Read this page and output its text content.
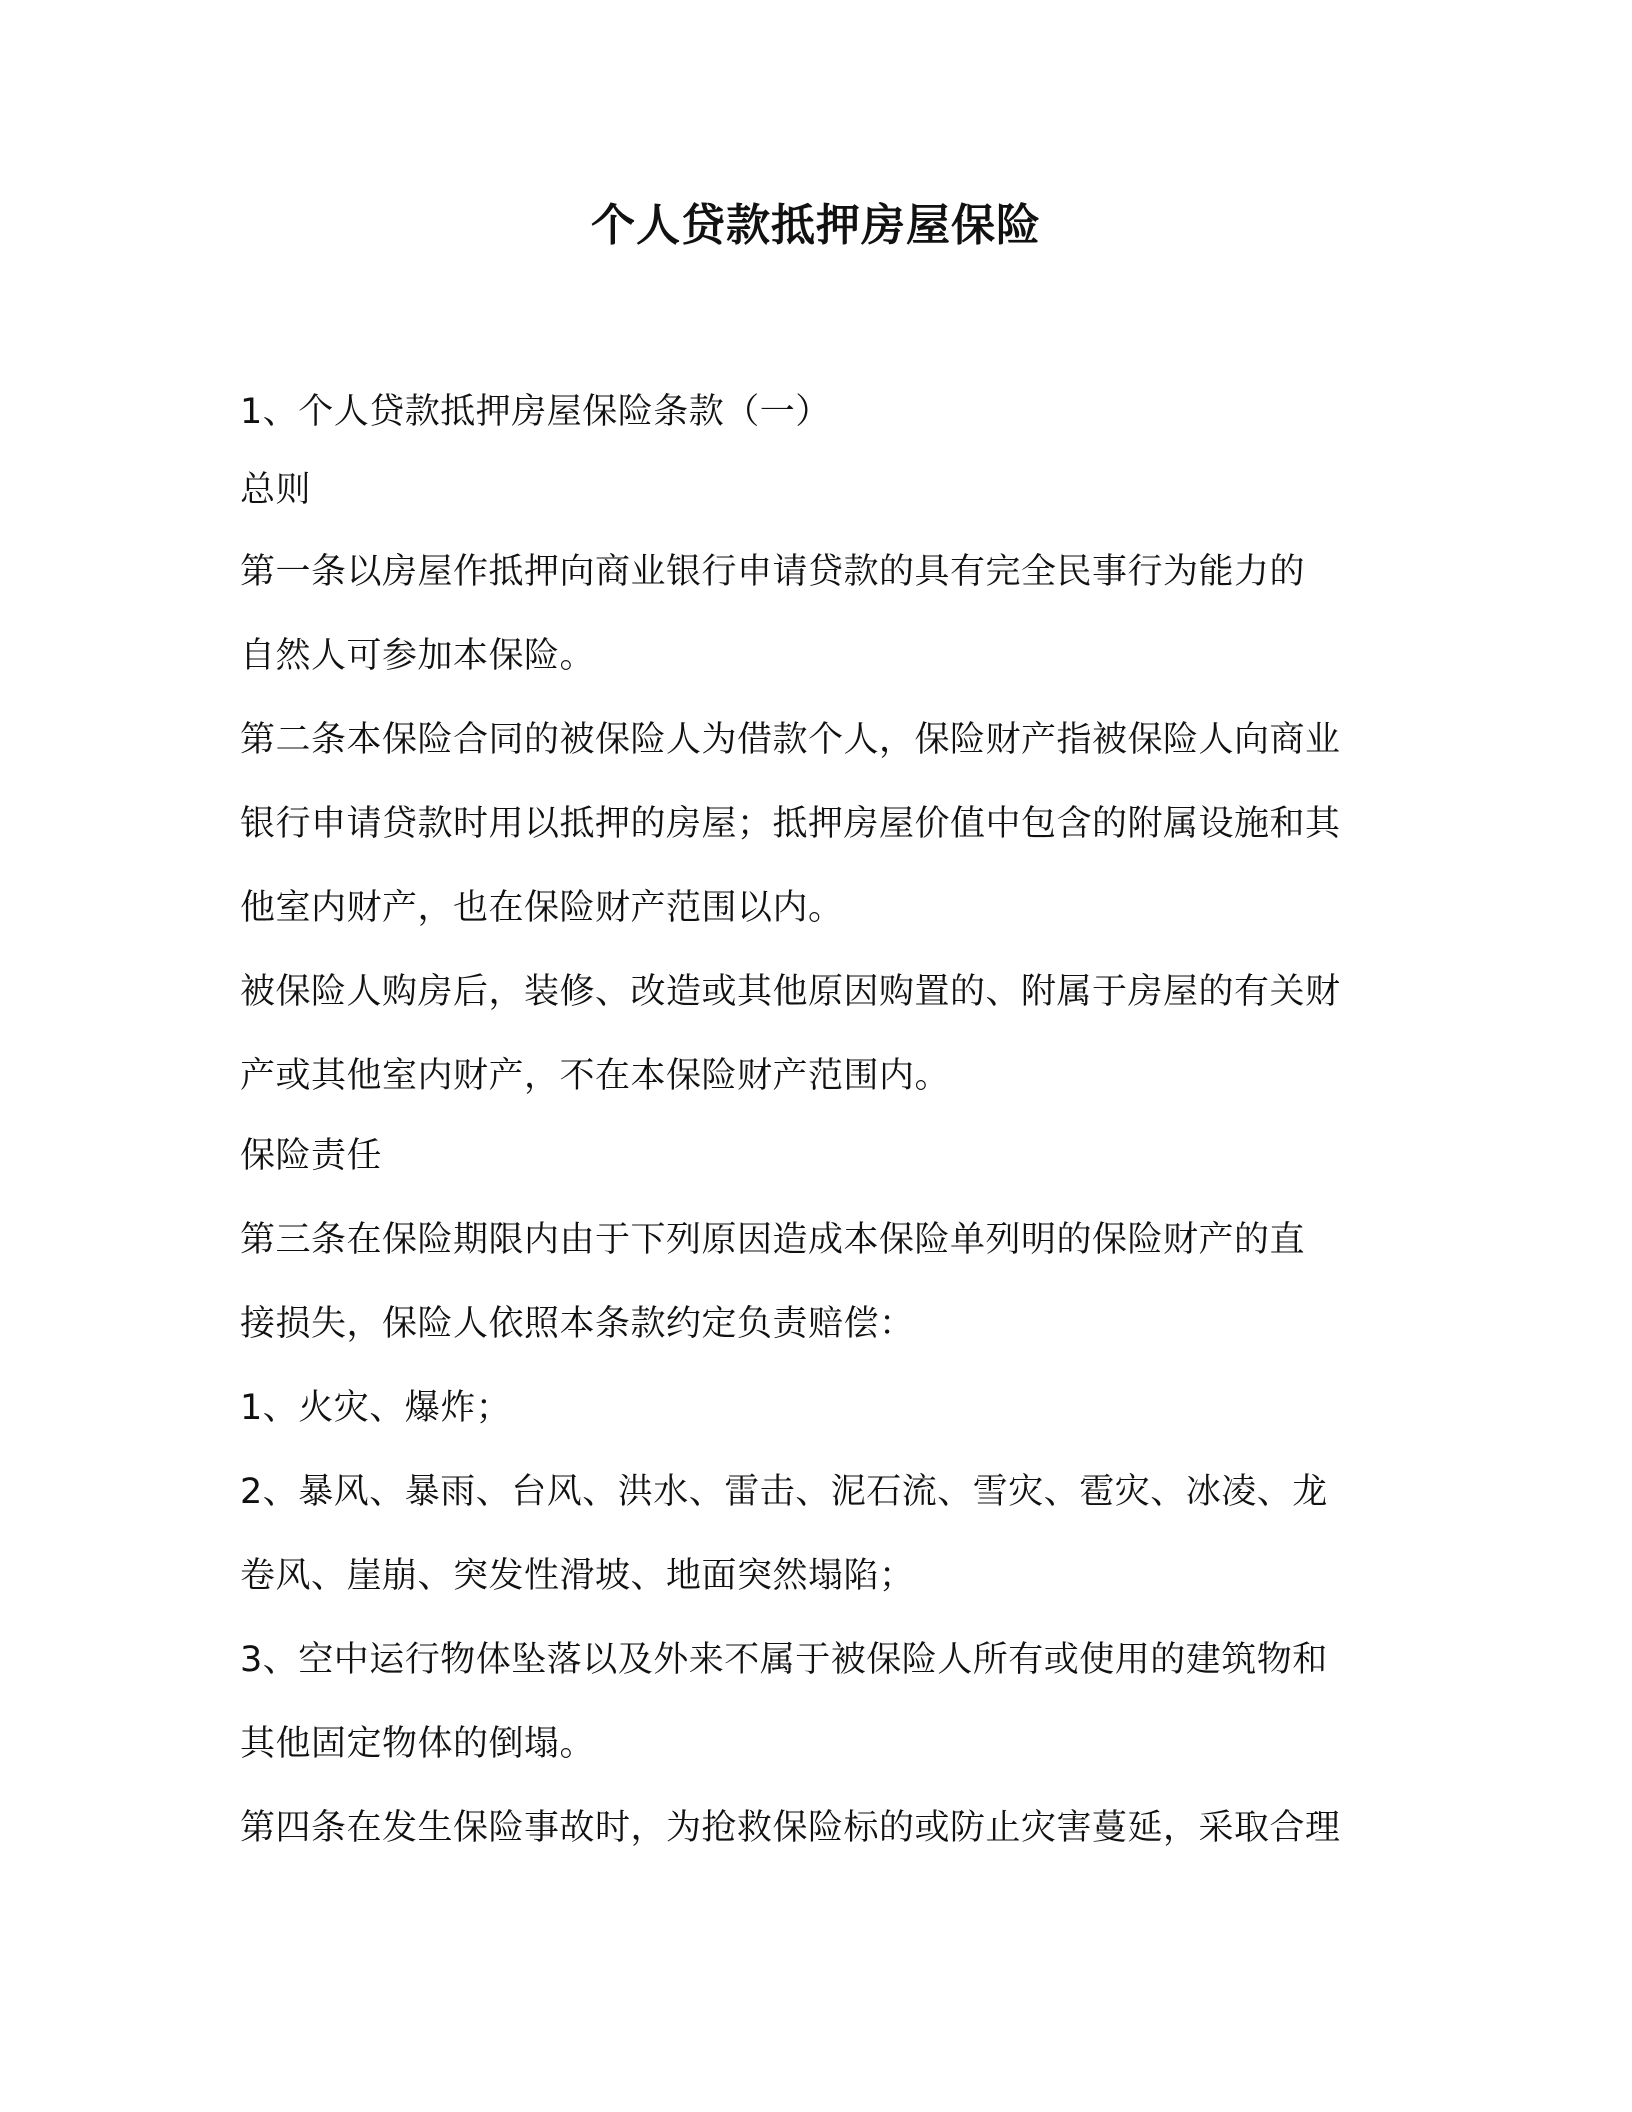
个人贷款抵押房屋保险

1、个人贷款抵押房屋保险条款（一）

总则

第一条以房屋作抵押向商业银行申请贷款的具有完全民事行为能力的

自然人可参加本保险。

第二条本保险合同的被保险人为借款个人，保险财产指被保险人向商业

银行申请贷款时用以抵押的房屋；抵押房屋价值中包含的附属设施和其

他室内财产，也在保险财产范围以内。

被保险人购房后，装修、改造或其他原因购置的、附属于房屋的有关财

产或其他室内财产，不在本保险财产范围内。

保险责任

第三条在保险期限内由于下列原因造成本保险单列明的保险财产的直

接损失，保险人依照本条款约定负责赔偿：

1、火灾、爆炸；

2、暴风、暴雨、台风、洪水、雷击、泥石流、雪灾、雹灾、冰凌、龙

卷风、崖崩、突发性滑坡、地面突然塌陷；

3、空中运行物体坠落以及外来不属于被保险人所有或使用的建筑物和

其他固定物体的倒塌。

第四条在发生保险事故时，为抢救保险标的或防止灾害蔓延，采取合理
